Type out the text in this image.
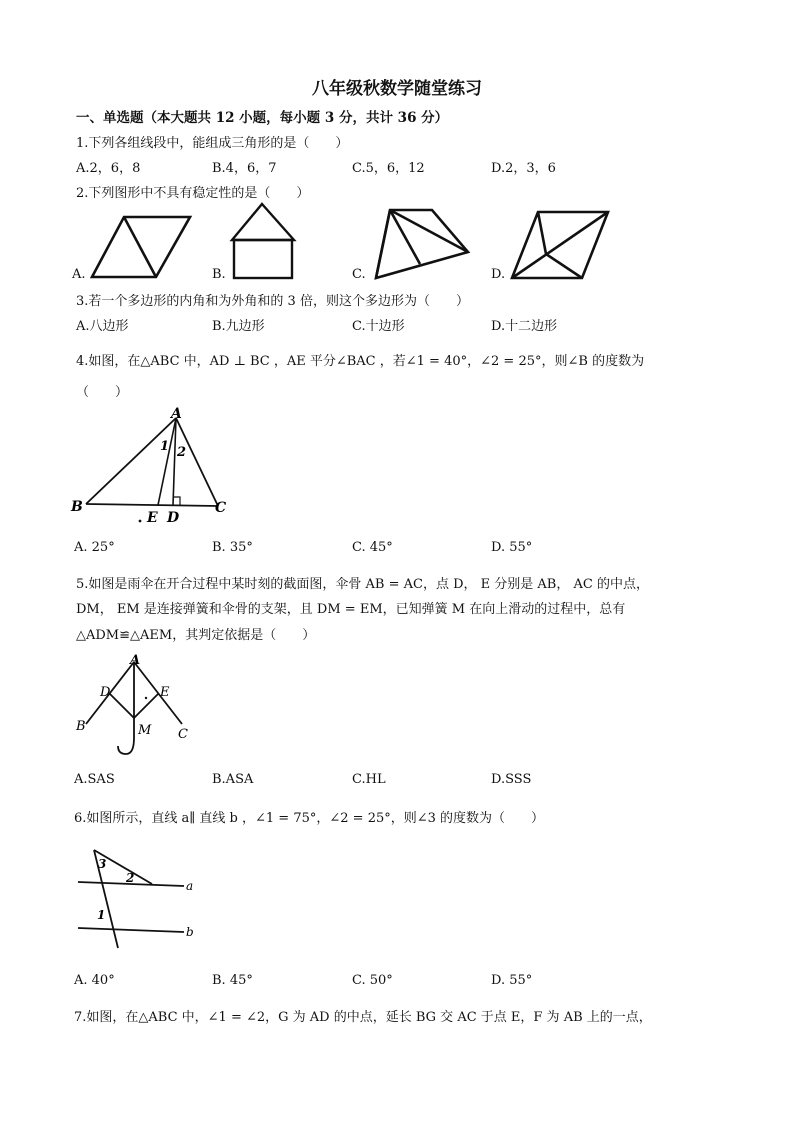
八年级秋数学随堂练习
一、单选题（本大题共 12 小题，每小题 3 分，共计 36 分）
1.下列各组线段中，能组成三角形的是（　　）
A.2，6，8	B.4，6，7	C.5，6，12	D.2，3，6
2.下列图形中不具有稳定性的是（　　）
A.	B.	C.	D.
3.若一个多边形的内角和为外角和的 3 倍，则这个多边形为（　　）
A.八边形	B.九边形	C.十边形	D.十二边形
4.如图，在△ABC 中，AD ⊥ BC ，AE 平分∠BAC ，若∠1 = 40°，∠2 = 25°，则∠B 的度数为
（　　）
A
B	C
D
E
1 2
A. 25°	B. 35°	C. 45°	D. 55°
5.如图是雨伞在开合过程中某时刻的截面图，伞骨 AB = AC，点 D， E 分别是 AB， AC 的中点，
DM， EM 是连接弹簧和伞骨的支架，且 DM = EM，已知弹簧 M 在向上滑动的过程中，总有
△ADM≌△AEM，其判定依据是（　　）
A
B
C
D	E
M
A.SAS	B.ASA	C.HL	D.SSS
6.如图所示，直线 a∥ 直线 b ，∠1 = 75°，∠2 = 25°，则∠3 的度数为（　　）
3
2
1
a
b
A. 40°	B. 45°	C. 50°	D. 55°
7.如图，在△ABC 中，∠1 = ∠2，G 为 AD 的中点，延长 BG 交 AC 于点 E，F 为 AB 上的一点，
